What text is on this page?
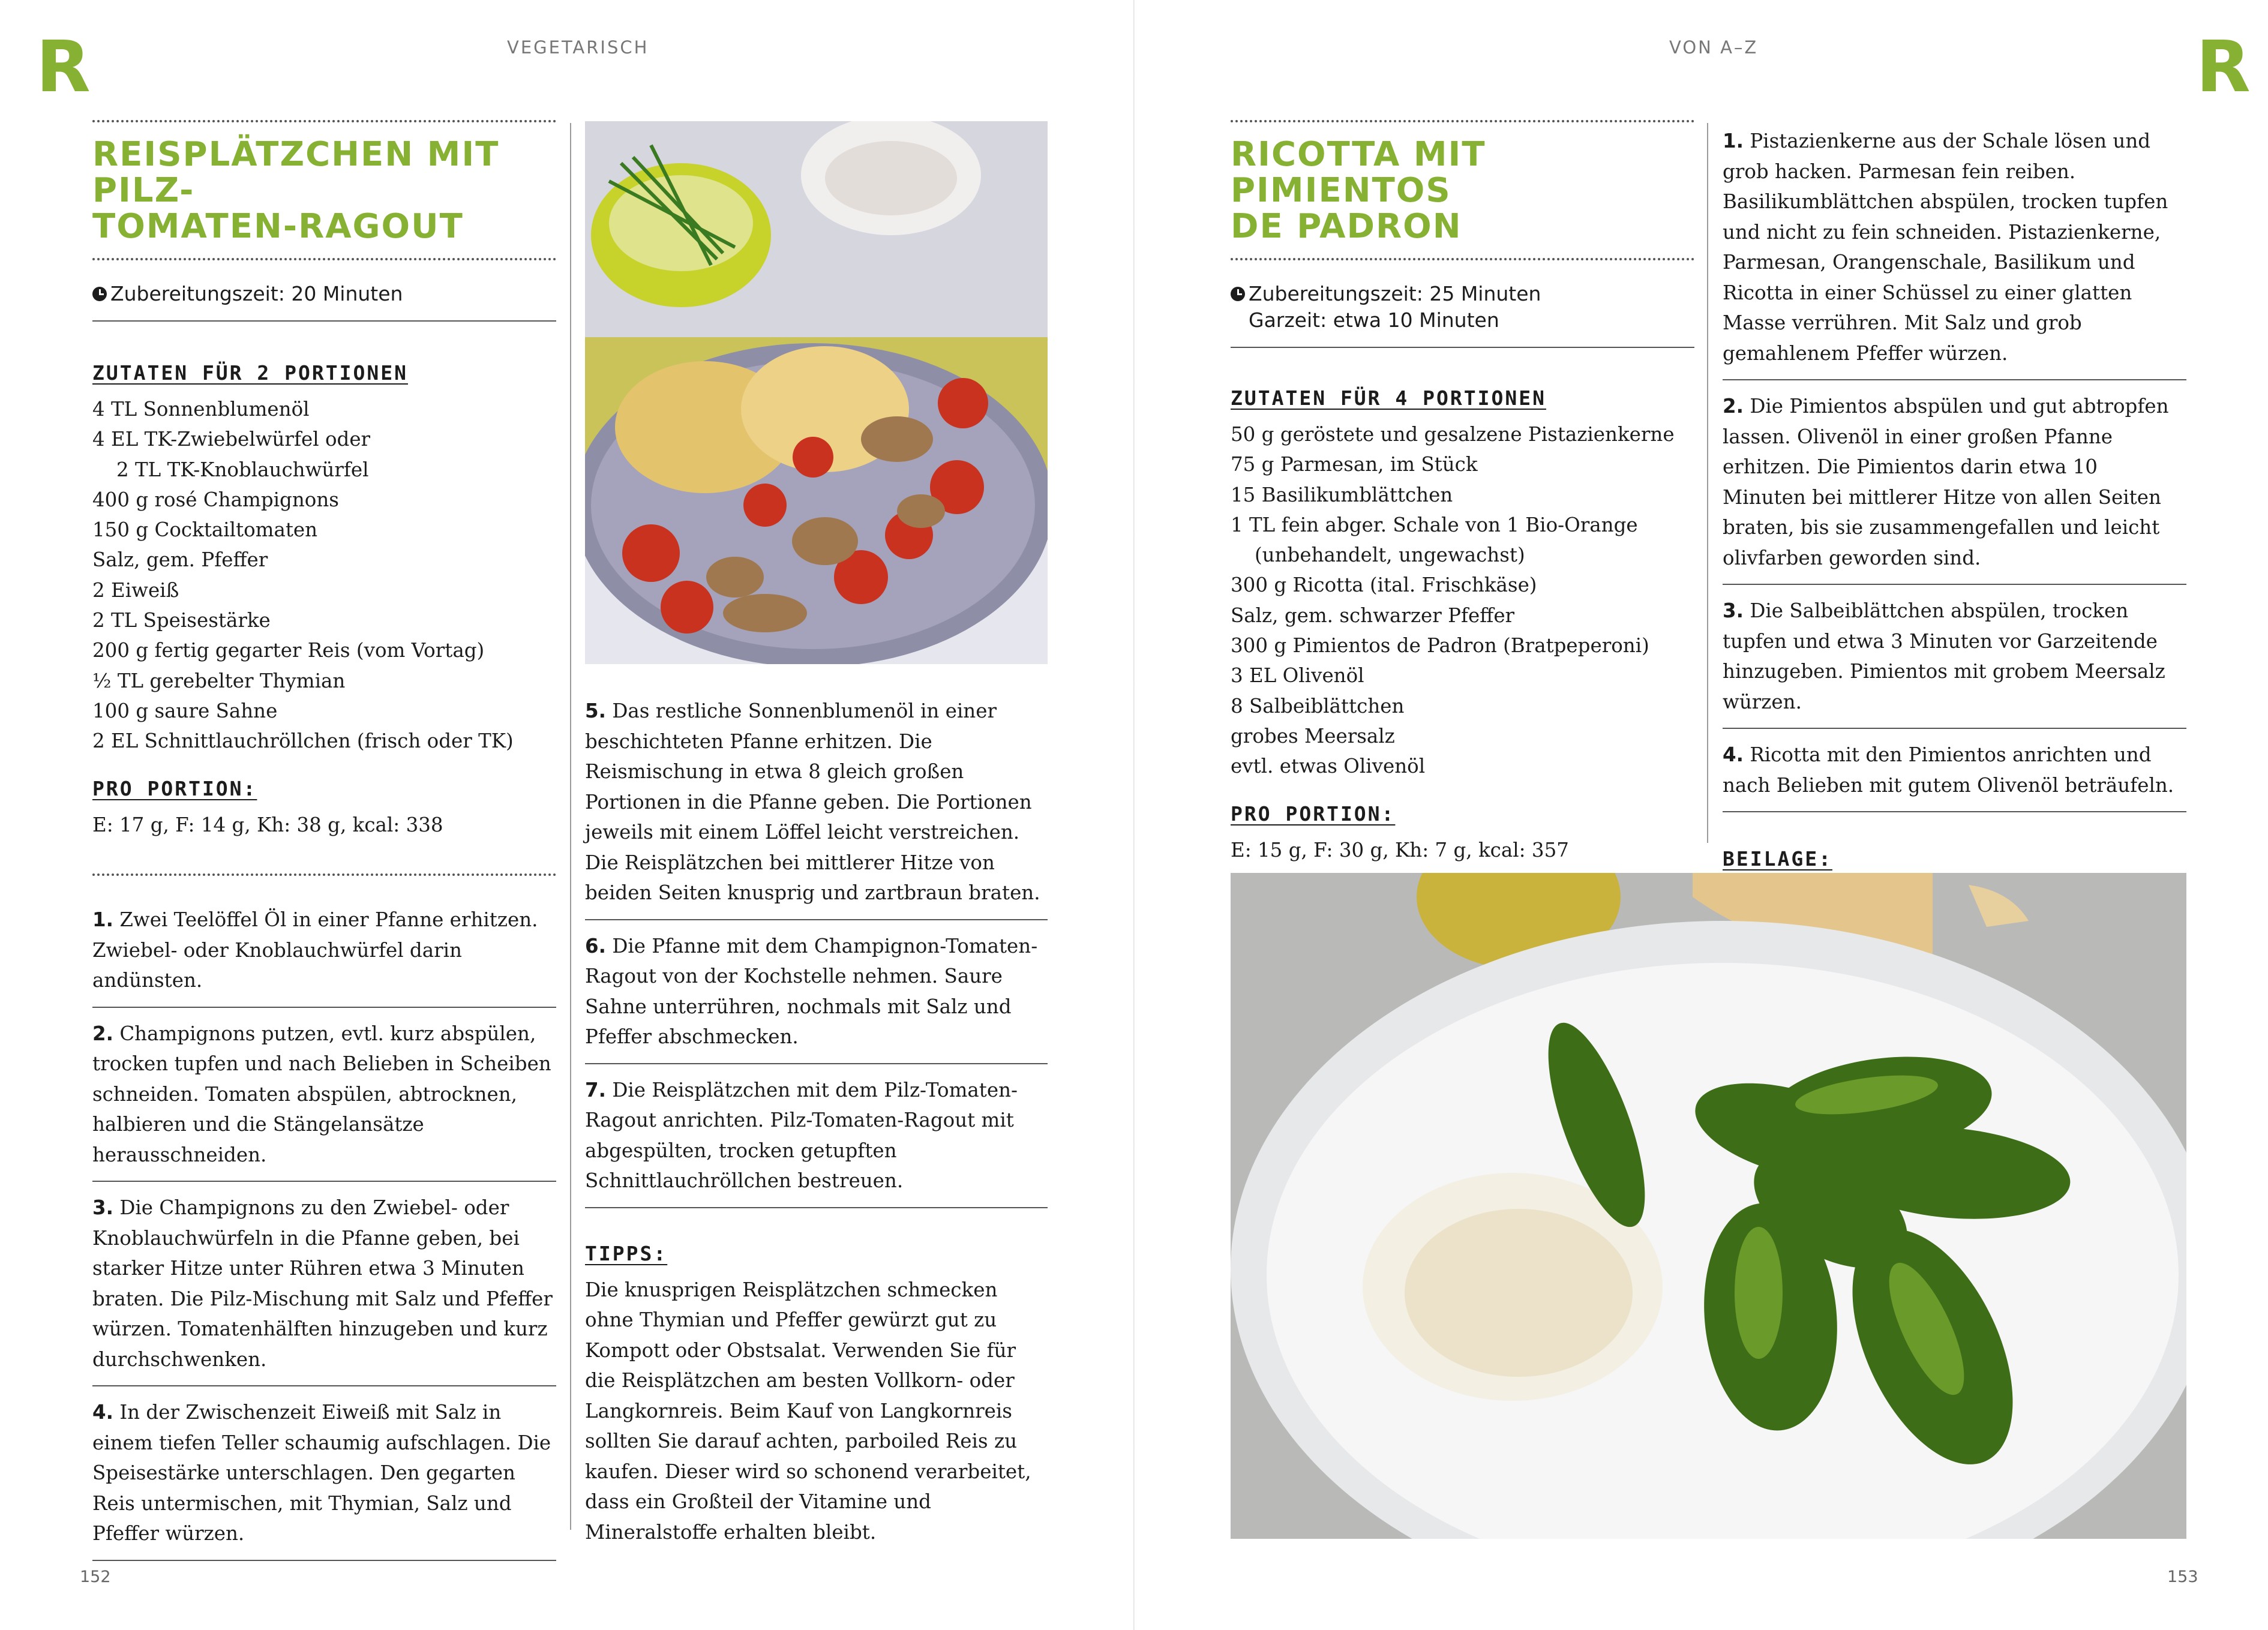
R	R
VEGETARISCH	VON A–Z
152	153
REISPLÄTZCHEN MIT PILZ-
TOMATEN-RAGOUT
Zubereitungszeit: 20 Minuten
ZUTATEN FÜR 2 PORTIONEN
4 TL Sonnenblumenöl
4 EL TK-Zwiebelwürfel oder
2 TL TK-Knoblauchwürfel
400 g rosé Champignons
150 g Cocktailtomaten
Salz, gem. Pfeffer
2 Eiweiß
2 TL Speisestärke
200 g fertig gegarter Reis (vom Vortag)
½ TL gerebelter Thymian
100 g saure Sahne
2 EL Schnittlauchröllchen (frisch oder TK)
PRO PORTION:
E: 17 g, F: 14 g, Kh: 38 g, kcal: 338
1. Zwei Teelöffel Öl in einer Pfanne erhitzen. Zwiebel- oder Knoblauchwürfel darin andünsten.
2. Champignons putzen, evtl. kurz abspülen, trocken tupfen und nach Belieben in Scheiben schneiden. Tomaten abspülen, abtrocknen, halbieren und die Stängelansätze herausschneiden.
3. Die Champignons zu den Zwiebel- oder Knoblauchwürfeln in die Pfanne geben, bei starker Hitze unter Rühren etwa 3 Minuten braten. Die Pilz-Mischung mit Salz und Pfeffer würzen. Tomatenhälften hinzugeben und kurz durchschwenken.
4. In der Zwischenzeit Eiweiß mit Salz in einem tiefen Teller schaumig aufschlagen. Die Speisestärke unterschlagen. Den gegarten Reis untermischen, mit Thymian, Salz und Pfeffer würzen.
5. Das restliche Sonnenblumenöl in einer beschichteten Pfanne erhitzen. Die Reismischung in etwa 8 gleich großen Portionen in die Pfanne geben. Die Portionen jeweils mit einem Löffel leicht verstreichen. Die Reisplätzchen bei mittlerer Hitze von beiden Seiten knusprig und zartbraun braten.
6. Die Pfanne mit dem Champignon-Tomaten-Ragout von der Kochstelle nehmen. Saure Sahne unterrühren, nochmals mit Salz und Pfeffer abschmecken.
7. Die Reisplätzchen mit dem Pilz-Tomaten-Ragout anrichten. Pilz-Tomaten-Ragout mit abgespülten, trocken getupften Schnittlauchröllchen bestreuen.
TIPPS:
Die knusprigen Reisplätzchen schmecken ohne Thymian und Pfeffer gewürzt gut zu Kompott oder Obstsalat. Verwenden Sie für die Reisplätzchen am besten Vollkorn- oder Langkornreis. Beim Kauf von Langkornreis sollten Sie darauf achten, parboiled Reis zu kaufen. Dieser wird so schonend verarbeitet, dass ein Großteil der Vitamine und Mineralstoffe erhalten bleibt.
RICOTTA MIT PIMIENTOS
DE PADRON
Zubereitungszeit: 25 Minuten
Garzeit: etwa 10 Minuten
ZUTATEN FÜR 4 PORTIONEN
50 g geröstete und gesalzene Pistazienkerne
75 g Parmesan, im Stück
15 Basilikumblättchen
1 TL fein abger. Schale von 1 Bio-Orange
(unbehandelt, ungewachst)
300 g Ricotta (ital. Frischkäse)
Salz, gem. schwarzer Pfeffer
300 g Pimientos de Padron (Bratpeperoni)
3 EL Olivenöl
8 Salbeiblättchen
grobes Meersalz
evtl. etwas Olivenöl
PRO PORTION:
E: 15 g, F: 30 g, Kh: 7 g, kcal: 357
1. Pistazienkerne aus der Schale lösen und grob hacken. Parmesan fein reiben. Basilikumblättchen abspülen, trocken tupfen und nicht zu fein schneiden. Pistazienkerne, Parmesan, Orangenschale, Basilikum und Ricotta in einer Schüssel zu einer glatten Masse verrühren. Mit Salz und grob gemahlenem Pfeffer würzen.
2. Die Pimientos abspülen und gut abtropfen lassen. Olivenöl in einer großen Pfanne erhitzen. Die Pimientos darin etwa 10 Minuten bei mittlerer Hitze von allen Seiten braten, bis sie zusammengefallen und leicht olivfarben geworden sind.
3. Die Salbeiblättchen abspülen, trocken tupfen und etwa 3 Minuten vor Garzeitende hinzugeben. Pimientos mit grobem Meersalz würzen.
4. Ricotta mit den Pimientos anrichten und nach Belieben mit gutem Olivenöl beträufeln.
BEILAGE:
